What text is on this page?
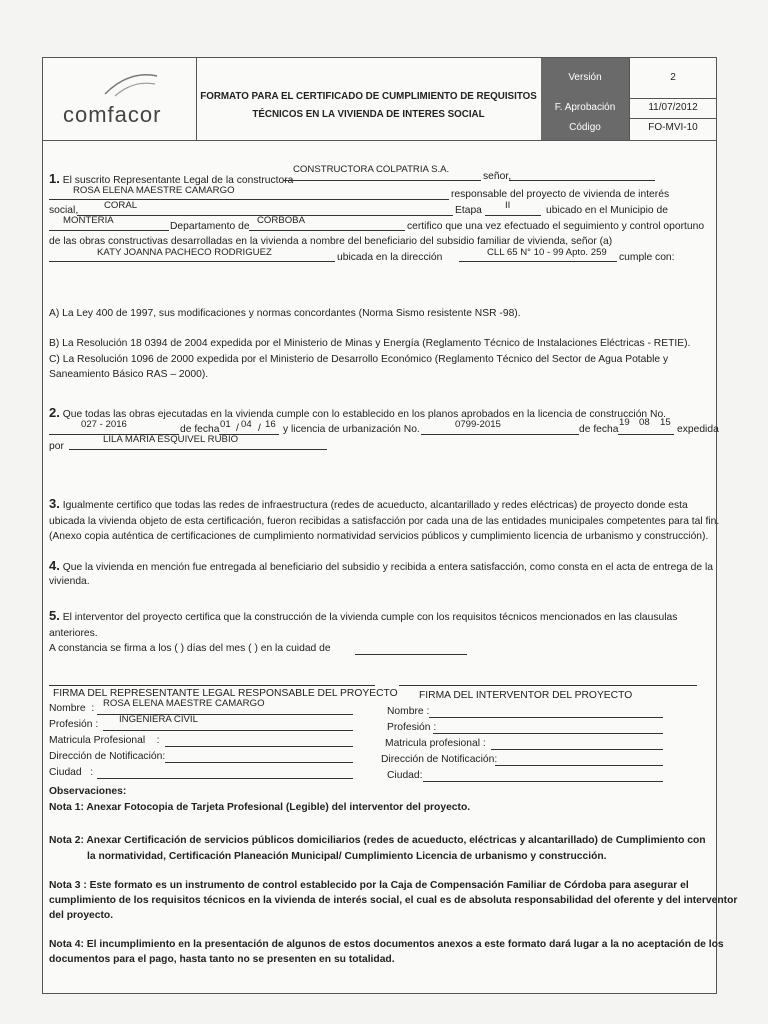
comfacor
FORMATO PARA EL CERTIFICADO DE CUMPLIMIENTO DE REQUISITOS
TÉCNICOS EN LA VIVIENDA DE INTERES SOCIAL
Versión	2
F. Aprobación	11/07/2012
Código	FO-MVI-10
1. El suscrito Representante Legal de la constructora
CONSTRUCTORA COLPATRIA S.A.
señor,
ROSA ELENA MAESTRE CAMARGO	responsable del proyecto de vivienda de interés
social,	CORAL	Etapa II	ubicado en el Municipio de
MONTERIA
Departamento de
CORBOBA
certifico que una vez efectuado el seguimiento y control oportuno
de las obras constructivas desarrolladas en la vivienda a nombre del beneficiario del subsidio familiar de vivienda, señor (a)
KATY JOANNA PACHECO RODRIGUEZ	ubicada en la dirección	CLL 65 N° 10 - 99 Apto. 259 cumple con:
A) La Ley 400 de 1997, sus modificaciones y normas concordantes (Norma Sismo resistente NSR -98).
B) La Resolución 18 0394 de 2004 expedida por el Ministerio de Minas y Energía (Reglamento Técnico de Instalaciones Eléctricas - RETIE).
C) La Resolución 1096 de 2000 expedida por el Ministerio de Desarrollo Económico (Reglamento Técnico del Sector de Agua Potable y
Saneamiento Básico RAS – 2000).
2. Que todas las obras ejecutadas en la vivienda cumple con lo establecido en los planos aprobados en la licencia de construcción No.
027 - 2016	de fecha 01 04 16
/ / y licencia de urbanización No.	0799-2015	de fecha
19 08 15
expedida
por
LILA MARIA ESQUIVEL RUBIO
3. Igualmente certifico que todas las redes de infraestructura (redes de acueducto, alcantarillado y redes eléctricas) de proyecto donde esta
ubicada la vivienda objeto de esta certificación, fueron recibidas a satisfacción por cada una de las entidades municipales competentes para tal fin.
(Anexo copia auténtica de certificaciones de cumplimiento normatividad servicios públicos y cumplimiento licencia de urbanismo y construcción).
4. Que la vivienda en mención fue entregada al beneficiario del subsidio y recibida a entera satisfacción, como consta en el acta de entrega de la
vivienda.
5. El interventor del proyecto certifica que la construcción de la vivienda cumple con los requisitos técnicos mencionados en las clausulas
anteriores.
A constancia se firma a los ( ) días del mes ( ) en la cuidad de
FIRMA DEL REPRESENTANTE LEGAL RESPONSABLE DEL PROYECTO FIRMA DEL INTERVENTOR DEL PROYECTO
Nombre  : ROSA ELENA MAESTRE CAMARGO
Nombre :
Profesión : INGENIERA CIVIL
Profesión :
Matricula Profesional    :	Matricula profesional :
Dirección de Notificación:	Dirección de Notificación:
Ciudad   :	Ciudad:
Observaciones:
Nota 1: Anexar Fotocopia de Tarjeta Profesional (Legible) del interventor del proyecto.
Nota 2: Anexar Certificación de servicios públicos domiciliarios (redes de acueducto, eléctricas y alcantarillado) de Cumplimiento con
la normatividad, Certificación Planeación Municipal/ Cumplimiento Licencia de urbanismo y construcción.
Nota 3 : Este formato es un instrumento de control establecido por la Caja de Compensación Familiar de Córdoba para asegurar el
cumplimiento de los requisitos técnicos en la vivienda de interés social, el cual es de absoluta responsabilidad del oferente y del interventor
del proyecto.
Nota 4: El incumplimiento en la presentación de algunos de estos documentos anexos a este formato dará lugar a la no aceptación de los
documentos para el pago, hasta tanto no se presenten en su totalidad.
